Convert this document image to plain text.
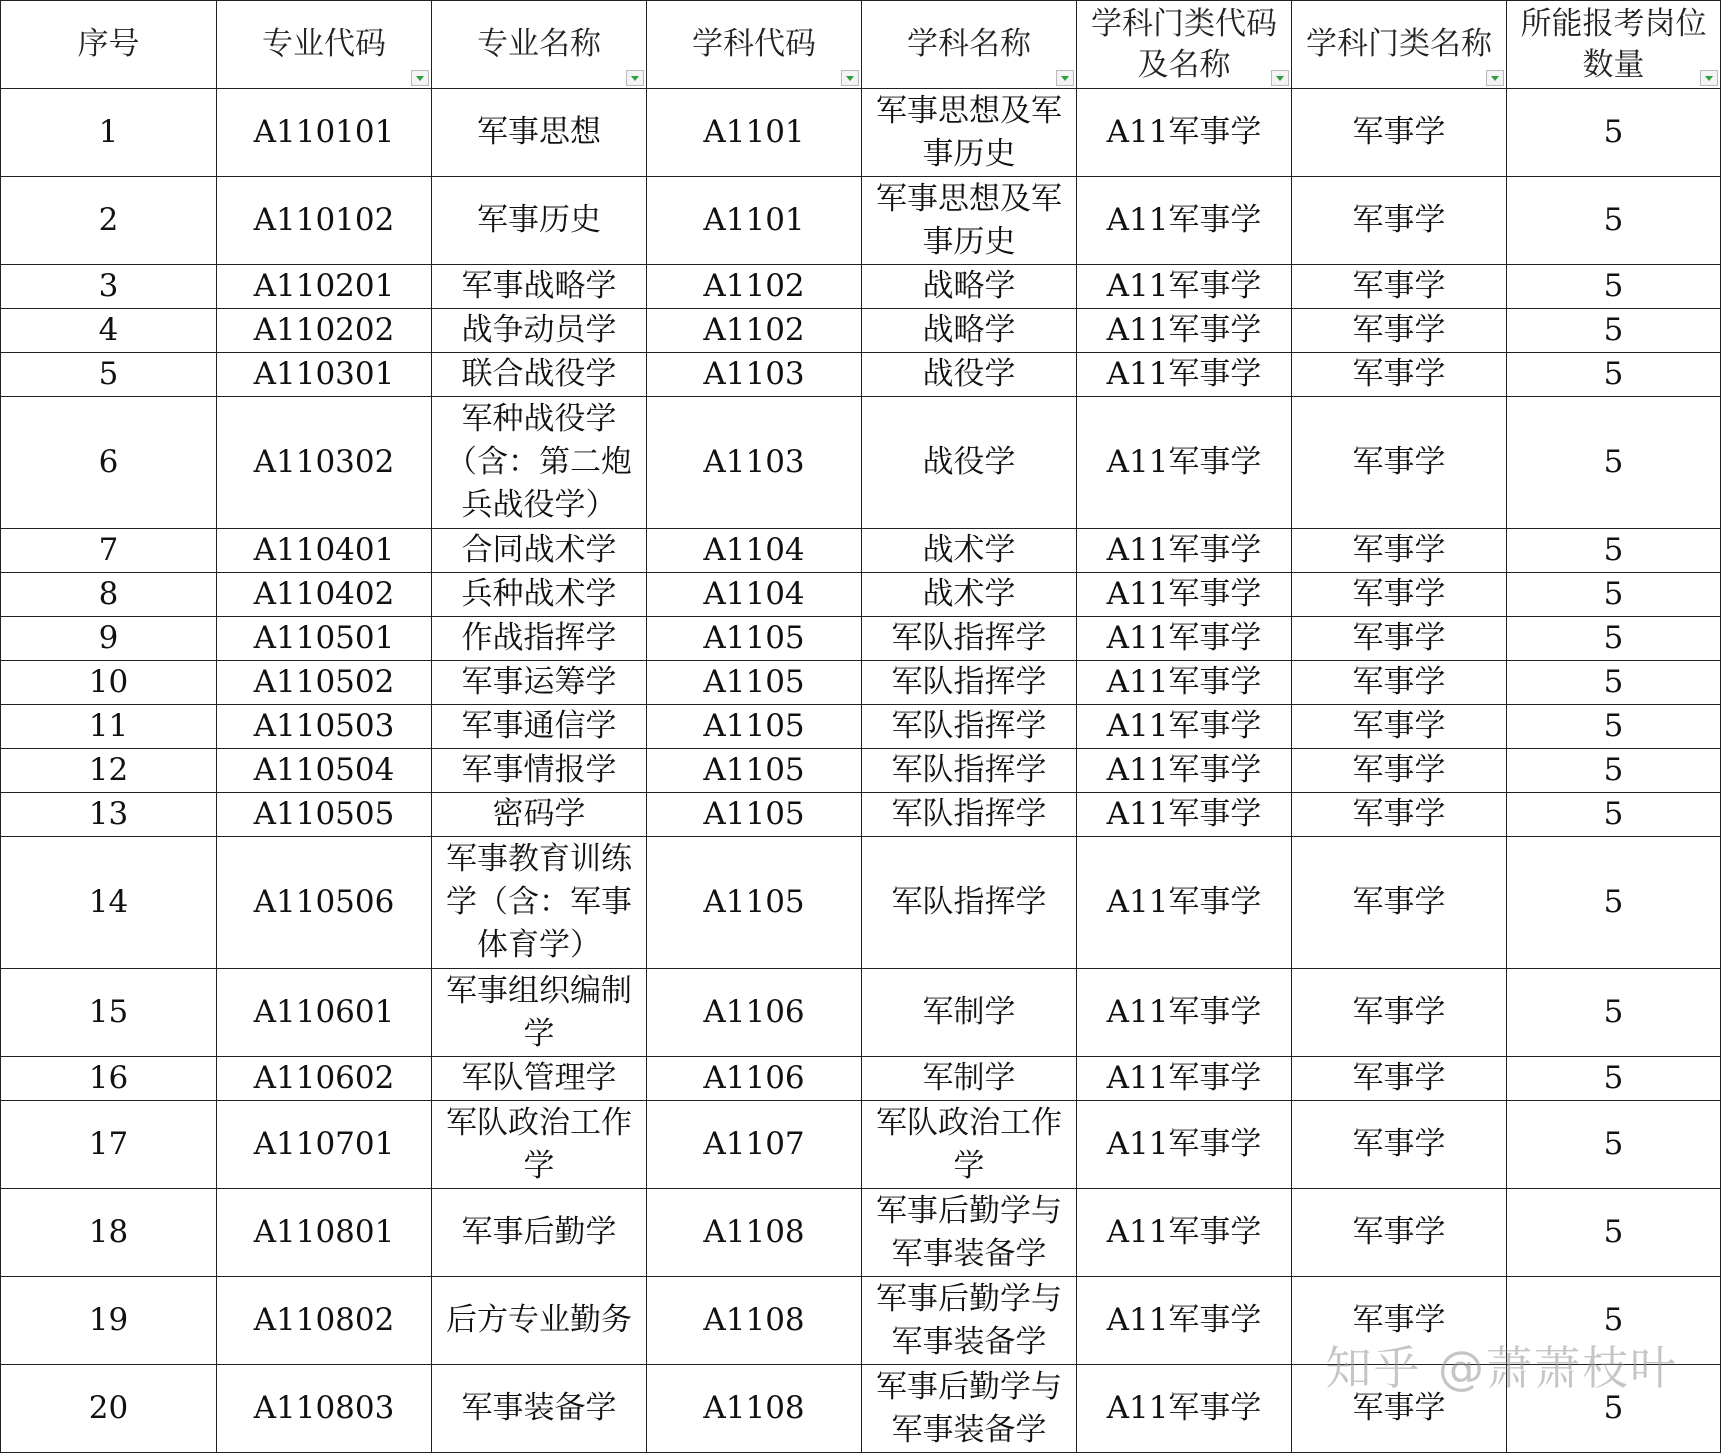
序号	专业代码	专业名称	学科代码	学科名称	学科门类代码及名称	学科门类名称	所能报考岗位数量

1	A110101	军事思想	A1101	军事思想及军事历史	A11军事学	军事学	5
2	A110102	军事历史	A1101	军事思想及军事历史	A11军事学	军事学	5
3	A110201	军事战略学	A1102	战略学	A11军事学	军事学	5
4	A110202	战争动员学	A1102	战略学	A11军事学	军事学	5
5	A110301	联合战役学	A1103	战役学	A11军事学	军事学	5
6	A110302	军种战役学（含：第二炮兵战役学）	A1103	战役学	A11军事学	军事学	5
7	A110401	合同战术学	A1104	战术学	A11军事学	军事学	5
8	A110402	兵种战术学	A1104	战术学	A11军事学	军事学	5
9	A110501	作战指挥学	A1105	军队指挥学	A11军事学	军事学	5
10	A110502	军事运筹学	A1105	军队指挥学	A11军事学	军事学	5
11	A110503	军事通信学	A1105	军队指挥学	A11军事学	军事学	5
12	A110504	军事情报学	A1105	军队指挥学	A11军事学	军事学	5
13	A110505	密码学	A1105	军队指挥学	A11军事学	军事学	5
14	A110506	军事教育训练学（含：军事体育学）	A1105	军队指挥学	A11军事学	军事学	5
15	A110601	军事组织编制学	A1106	军制学	A11军事学	军事学	5
16	A110602	军队管理学	A1106	军制学	A11军事学	军事学	5
17	A110701	军队政治工作学	A1107	军队政治工作学	A11军事学	军事学	5
18	A110801	军事后勤学	A1108	军事后勤学与军事装备学	A11军事学	军事学	5
19	A110802	后方专业勤务	A1108	军事后勤学与军事装备学	A11军事学	军事学	5
20	A110803	军事装备学	A1108	军事后勤学与军事装备学	A11军事学	军事学	5
知乎 @萧萧枝叶
